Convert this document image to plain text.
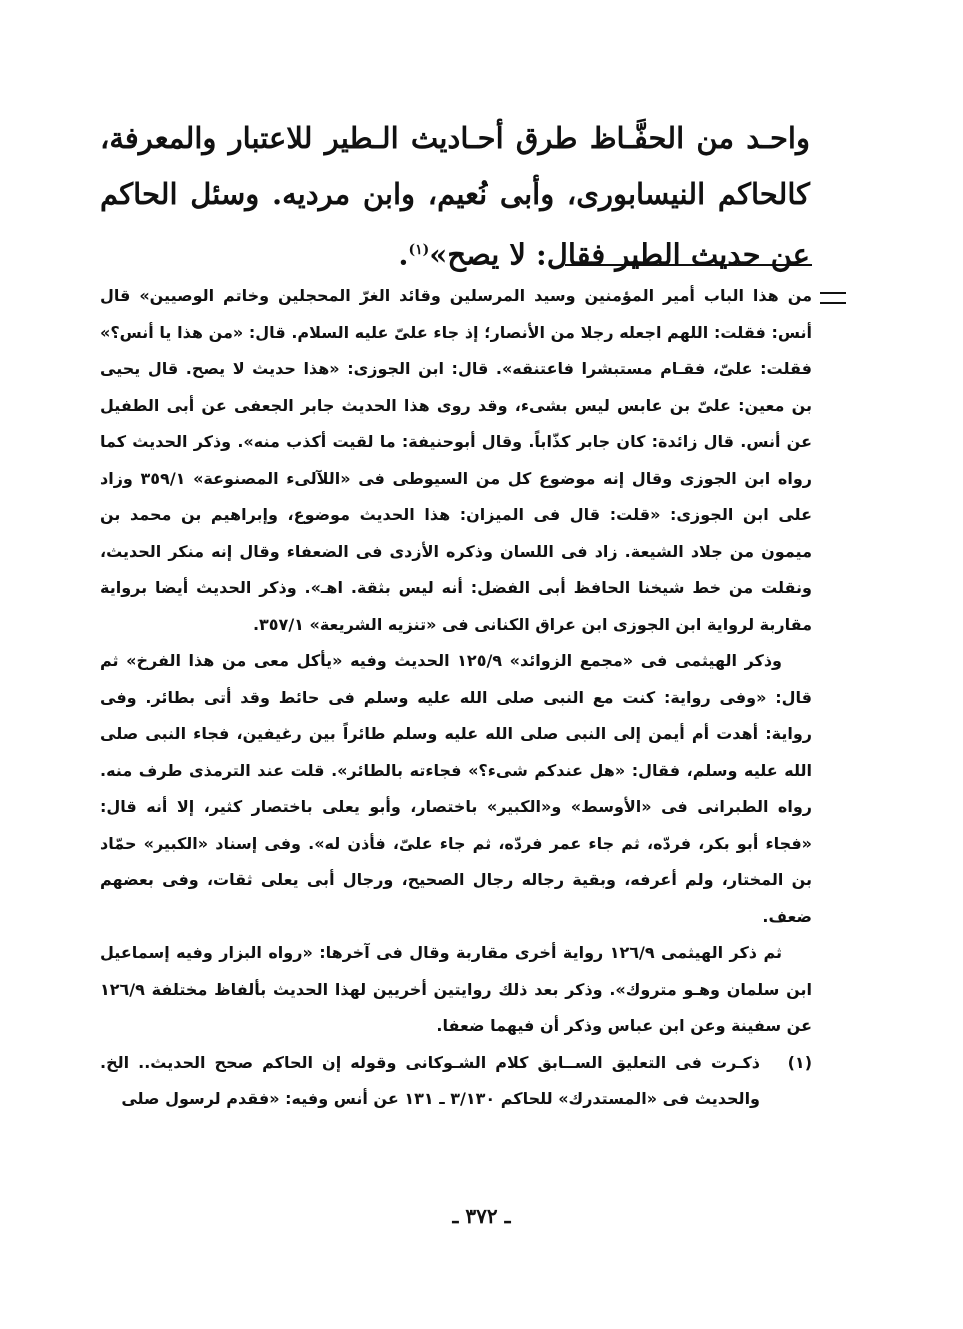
واحـد من الحفَّـاظ طرق أحـاديث الـطير للاعتبار والمعرفة، كالحاكم النيسابورى، وأبى نُعيم، وابن مرديه. وسئل الحاكم عن حديث الطير فقال: لا يصح»$^{(١)}$.

من هذا الباب أمير المؤمنين وسيد المرسلين وقائد الغرّ المحجلين وخاتم الوصيين» قال أنس: فقلت: اللهم اجعله رجلا من الأنصار؛ إذ جاء علىّ عليه السلام. قال: «من هذا يا أنس؟» فقلت: علىّ، فقـام مستبشرا فاعتنقه». قال: ابن الجوزى: «هذا حديث لا يصح. قال يحيى بن معين: علىّ بن عابس ليس بشىء، وقد روى هذا الحديث جابر الجعفى عن أبى الطفيل عن أنس. قال زائدة: كان جابر كذّاباً. وقال أبوحنيفة: ما لقيت أكذب منه». وذكر الحديث كما رواه ابن الجوزى وقال إنه موضوع كل من السيوطى فى «اللآلىء المصنوعة» ٣٥٩/١ وزاد على ابن الجوزى: «قلت: قال فى الميزان: هذا الحديث موضوع، وإبراهيم بن محمد بن ميمون من جلاد الشيعة. زاد فى اللسان وذكره الأزدى فى الضعفاء وقال إنه منكر الحديث، ونقلت من خط شيخنا الحافظ أبى الفضل: أنه ليس بثقة. اهـ». وذكر الحديث أيضا برواية مقاربة لرواية ابن الجوزى ابن عراق الكنانى فى «تنزيه الشريعة» ٣٥٧/١.

وذكر الهيثمى فى «مجمع الزوائد» ١٢٥/٩ الحديث وفيه «يأكل معى من هذا الفرخ» ثم قال: «وفى رواية: كنت مع النبى صلى الله عليه وسلم فى حائط وقد أتى بطائر. وفى رواية: أهدت أم أيمن إلى النبى صلى الله عليه وسلم طائراً بين رغيفين، فجاء النبى صلى الله عليه وسلم، فقال: «هل عندكم شىء؟» فجاءته بالطائر». قلت عند الترمذى طرف منه. رواه الطبرانى فى «الأوسط» و«الكبير» باختصار، وأبو يعلى باختصار كثير، إلا أنه قال: «فجاء أبو بكر، فردّه، ثم جاء عمر فردّه، ثم جاء علىّ، فأذن له». وفى إسناد «الكبير» حمّاد بن المختار، ولم أعرفه، وبقية رجاله رجال الصحيح، ورجال أبى يعلى ثقات، وفى بعضهم ضعف.

ثم ذكر الهيثمى ١٢٦/٩ رواية أخرى مقاربة وقال فى آخرها: «رواه البزار وفيه إسماعيل ابن سلمان وهـو متروك». وذكر بعد ذلك روايتين أخريين لهذا الحديث بألفاظ مختلفة ١٢٦/٩ عن سفينة وعن ابن عباس وذكر أن فيهما ضعفا.

(١)
ذكـرت فى التعليق الســابق كلام الشـوكانى وقوله إن الحاكم صحح الحديث.. الخ. والحديث فى «المستدرك» للحاكم ٣/١٣٠ ـ ١٣١ عن أنس وفيه: «فقدم لرسول صلى
ـ ٣٧٢ ـ
